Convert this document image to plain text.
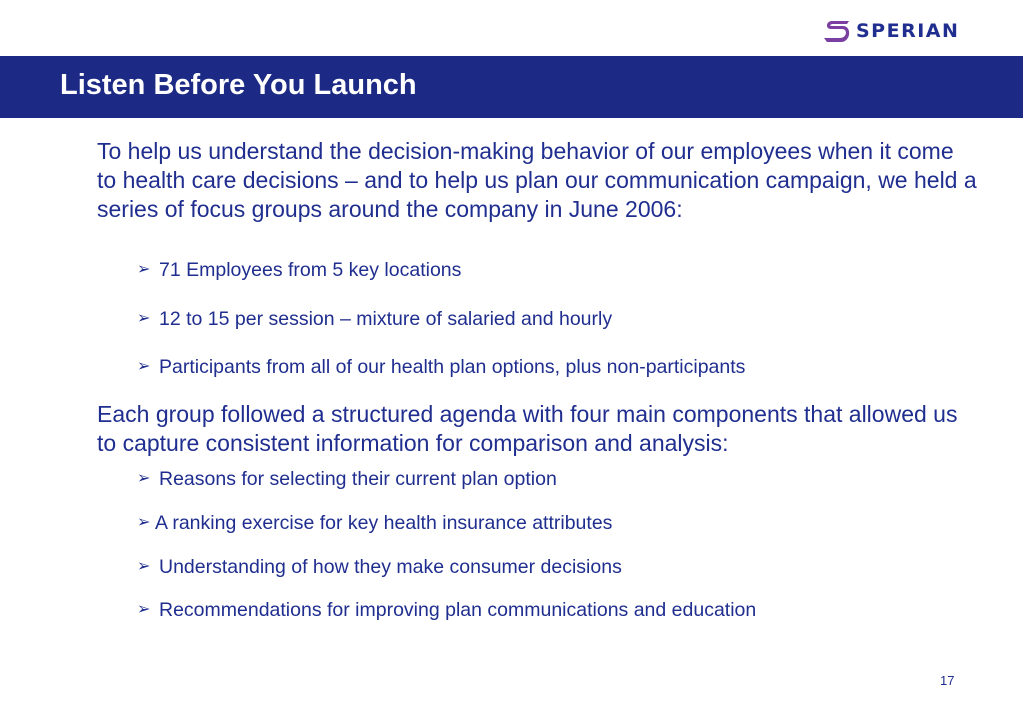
SPERIAN
Listen Before You Launch

To help us understand the decision-making behavior of our employees when it come to health care decisions – and to help us plan our communication campaign, we held a series of focus groups around the company in June 2006:

➢ 71 Employees from 5 key locations
➢ 12 to 15 per session – mixture of salaried and hourly
➢ Participants from all of our health plan options, plus non-participants

Each group followed a structured agenda with four main components that allowed us to capture consistent information for comparison and analysis:

➢ Reasons for selecting their current plan option
➢ A ranking exercise for key health insurance attributes
➢ Understanding of how they make consumer decisions
➢ Recommendations for improving plan communications and education
17
